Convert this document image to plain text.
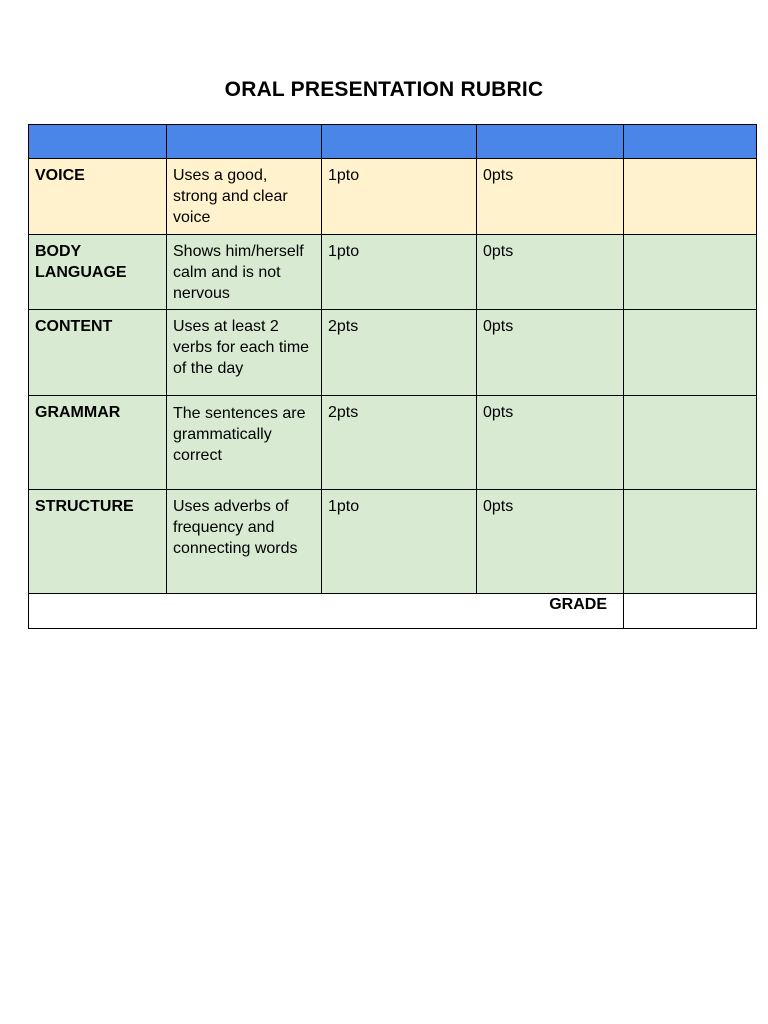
ORAL PRESENTATION RUBRIC

VOICE	Uses a good, strong and clear voice	1pto	0pts	
BODY LANGUAGE	Shows him/herself calm and is not nervous	1pto	0pts	
CONTENT	Uses at least 2 verbs for each time of the day	2pts	0pts	
GRAMMAR	The sentences are grammatically correct	2pts	0pts	
STRUCTURE	Uses adverbs of frequency and connecting words	1pto	0pts	
GRADE				
